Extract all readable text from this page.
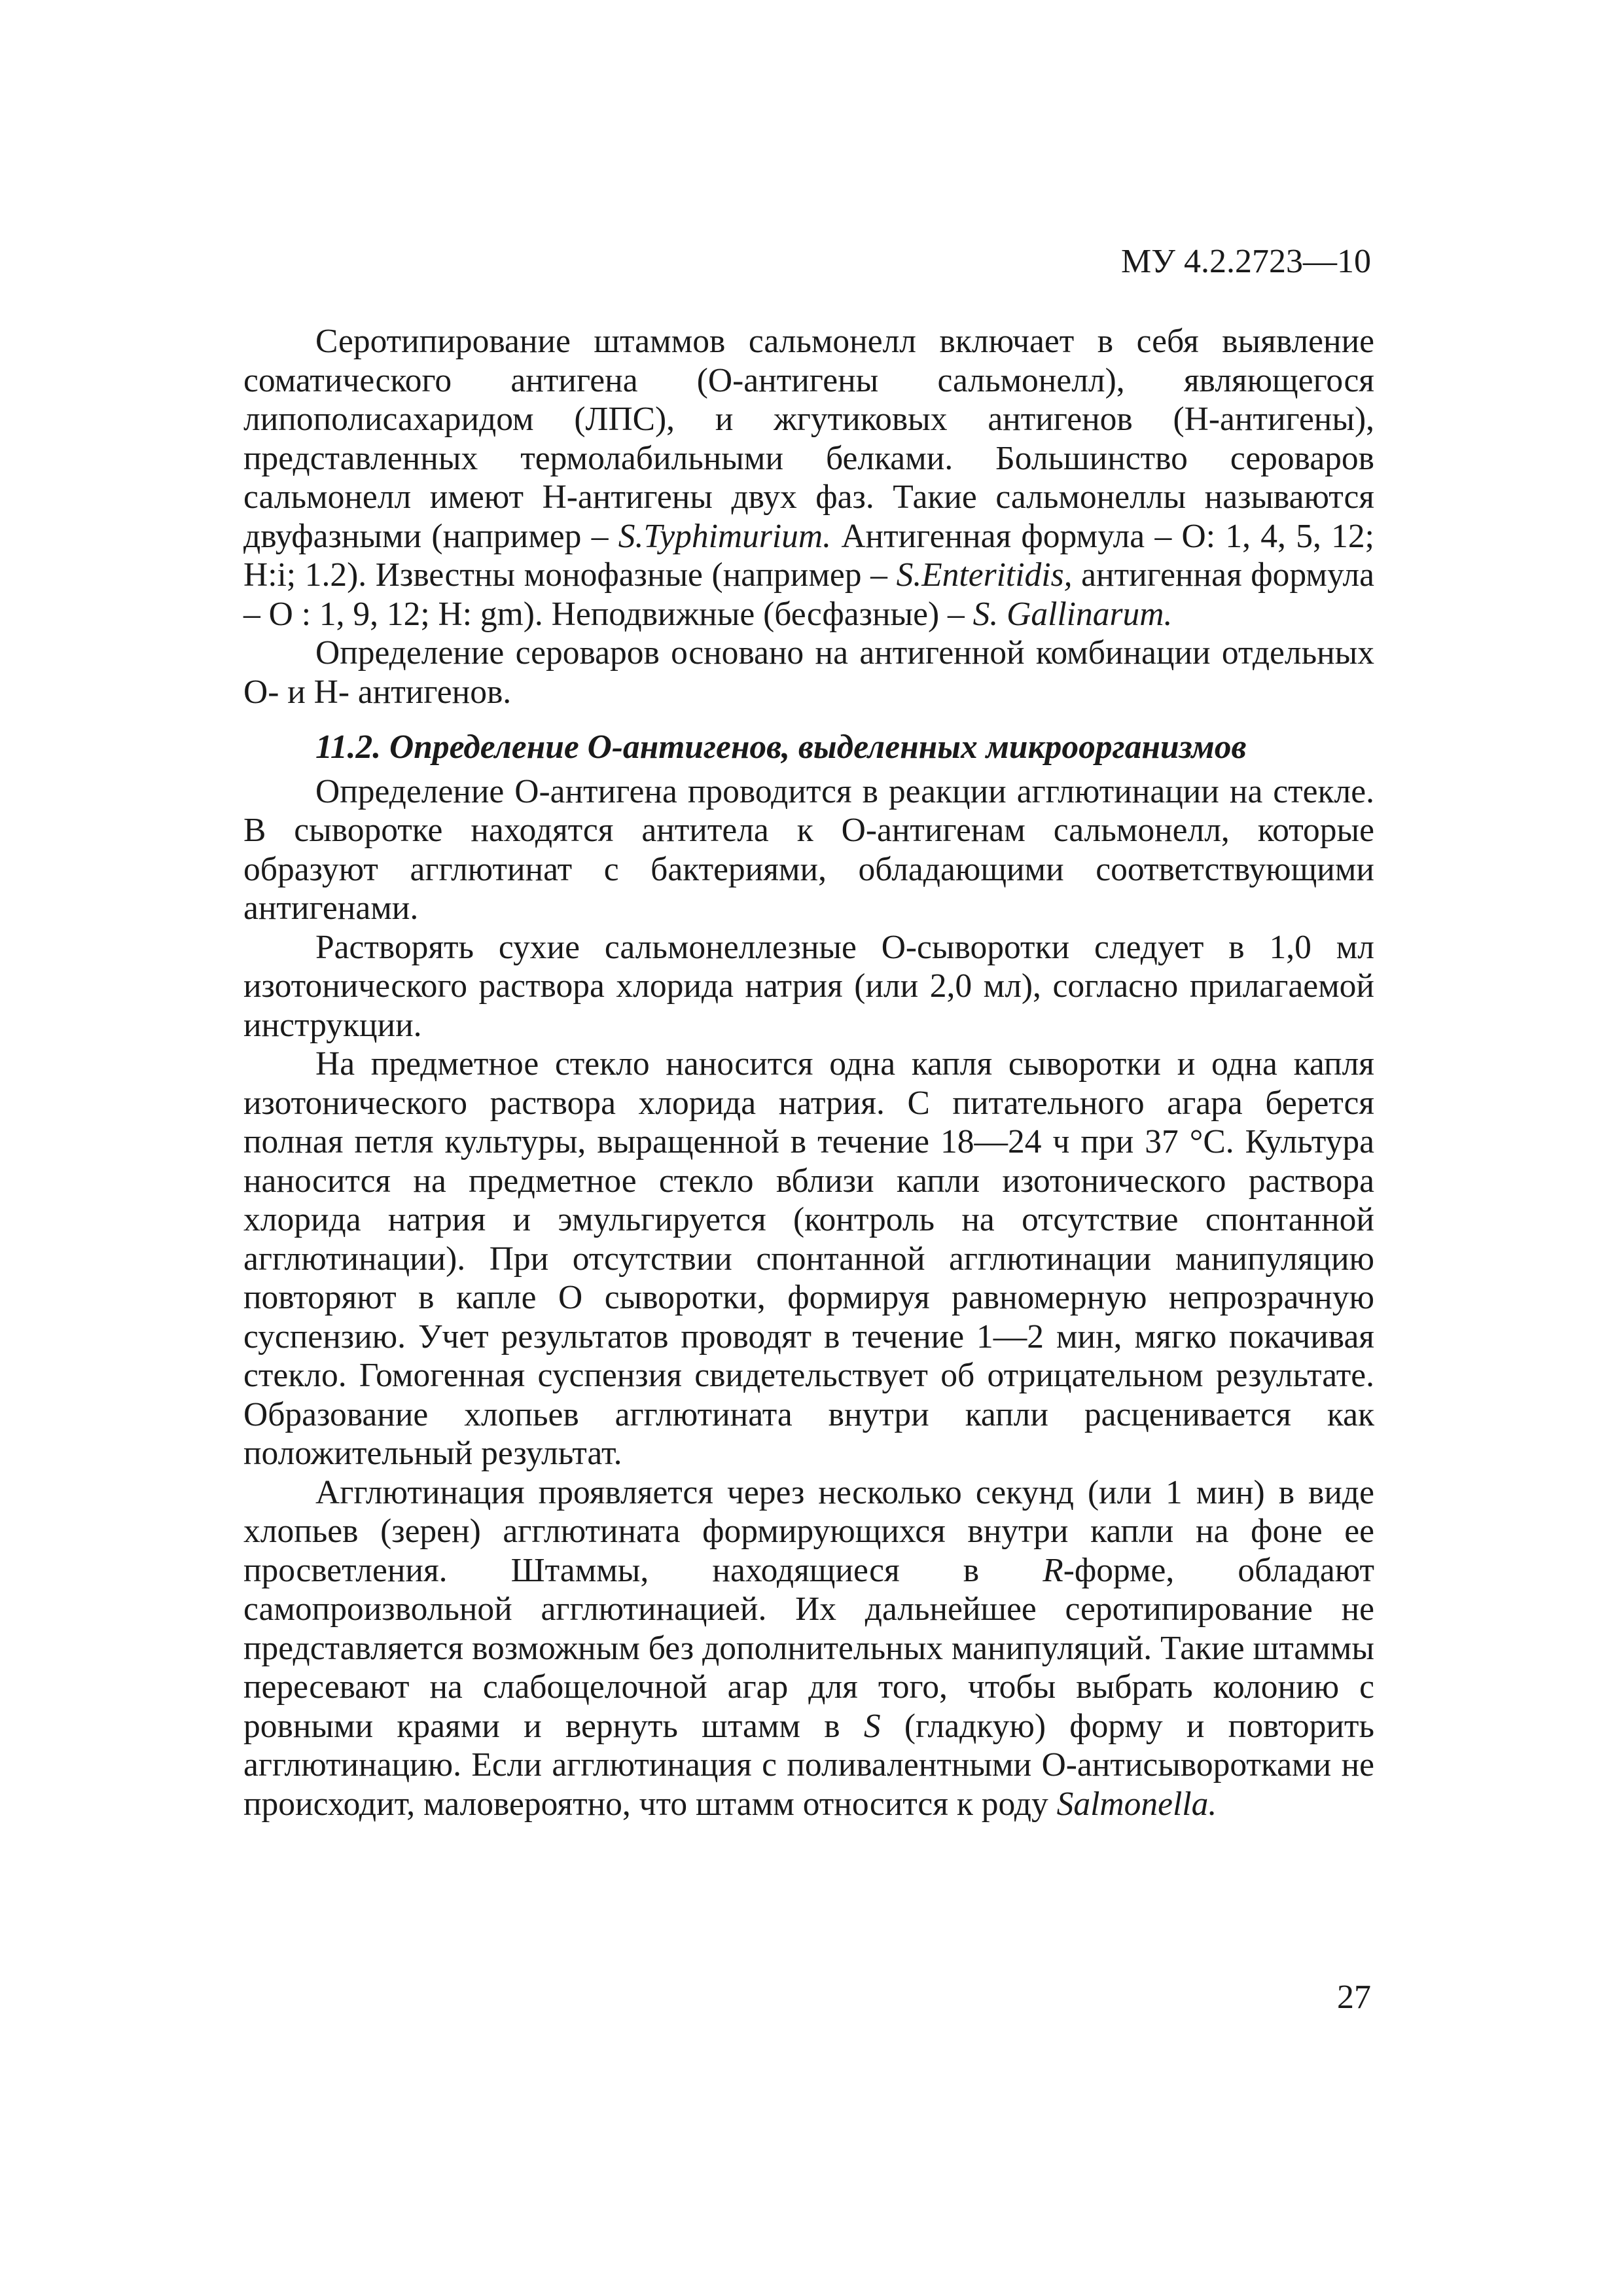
МУ 4.2.2723—10

Серотипирование штаммов сальмонелл включает в себя выявление соматического антигена (О-антигены сальмонелл), являющегося липополисахаридом (ЛПС), и жгутиковых антигенов (Н-антигены), представленных термолабильными белками. Большинство сероваров сальмонелл имеют Н-антигены двух фаз. Такие сальмонеллы называются двуфазными (например – S.Typhimurium. Антигенная формула – О: 1, 4, 5, 12; Н:i; 1.2). Известны монофазные (например – S.Enteritidis, антигенная формула – О : 1, 9, 12; Н: gm). Неподвижные (бесфазные) – S. Gallinarum.

Определение сероваров основано на антигенной комбинации отдельных О- и Н- антигенов.

11.2. Определение О-антигенов, выделенных микроорганизмов

Определение О-антигена проводится в реакции агглютинации на стекле. В сыворотке находятся антитела к О-антигенам сальмонелл, которые образуют агглютинат с бактериями, обладающими соответствующими антигенами.

Растворять сухие сальмонеллезные О-сыворотки следует в 1,0 мл изотонического раствора хлорида натрия (или 2,0 мл), согласно прилагаемой инструкции.

На предметное стекло наносится одна капля сыворотки и одна капля изотонического раствора хлорида натрия. С питательного агара берется полная петля культуры, выращенной в течение 18—24 ч при 37 °С. Культура наносится на предметное стекло вблизи капли изотонического раствора хлорида натрия и эмульгируется (контроль на отсутствие спонтанной агглютинации). При отсутствии спонтанной агглютинации манипуляцию повторяют в капле О сыворотки, формируя равномерную непрозрачную суспензию. Учет результатов проводят в течение 1—2 мин, мягко покачивая стекло. Гомогенная суспензия свидетельствует об отрицательном результате. Образование хлопьев агглютината внутри капли расценивается как положительный результат.

Агглютинация проявляется через несколько секунд (или 1 мин) в виде хлопьев (зерен) агглютината формирующихся внутри капли на фоне ее просветления. Штаммы, находящиеся в R-форме, обладают самопроизвольной агглютинацией. Их дальнейшее серотипирование не представляется возможным без дополнительных манипуляций. Такие штаммы пересевают на слабощелочной агар для того, чтобы выбрать колонию с ровными краями и вернуть штамм в S (гладкую) форму и повторить агглютинацию. Если агглютинация с поливалентными О-антисыворотками не происходит, маловероятно, что штамм относится к роду Salmonella.

27
